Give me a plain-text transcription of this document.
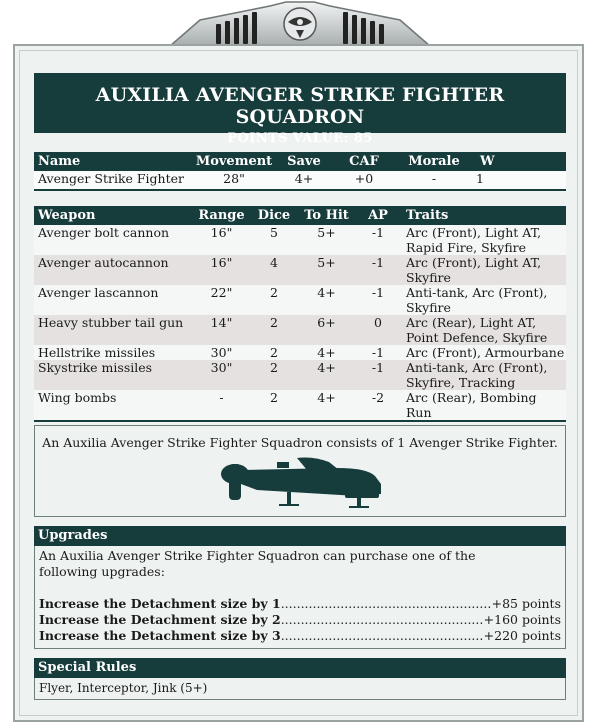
AUXILIA AVENGER STRIKE FIGHTER SQUADRON
POINTS VALUE: 85
Name	Movement	Save	CAF	Morale	W
Avenger Strike Fighter	28"	4+	+0	-	1
Weapon	Range	Dice	To Hit	AP	Traits
Avenger bolt cannon	16"	5	5+	-1	Arc (Front), Light AT,
Rapid Fire, Skyfire

Avenger autocannon	16"	4	5+	-1	Arc (Front), Light AT,
Skyfire

Avenger lascannon	22"	2	4+	-1	Anti-tank, Arc (Front),
Skyfire

Heavy stubber tail gun	14"	2	6+	0	Arc (Rear), Light AT,
Point Defence, Skyfire

Hellstrike missiles	30"	2	4+	-1	Arc (Front), Armourbane

Skystrike missiles	30"	2	4+	-1	Anti-tank, Arc (Front),
Skyfire, Tracking

Wing bombs	-	2	4+	-2	Arc (Rear), Bombing Run
An Auxilia Avenger Strike Fighter Squadron consists of 1 Avenger Strike Fighter.
Upgrades
An Auxilia Avenger Strike Fighter Squadron can purchase one of the
following upgrades:
Increase the Detachment size by 1 .....	+85 points
Increase the Detachment size by 2 .....	+160 points
Increase the Detachment size by 3 .....	+220 points
Special Rules
Flyer, Interceptor, Jink (5+)
